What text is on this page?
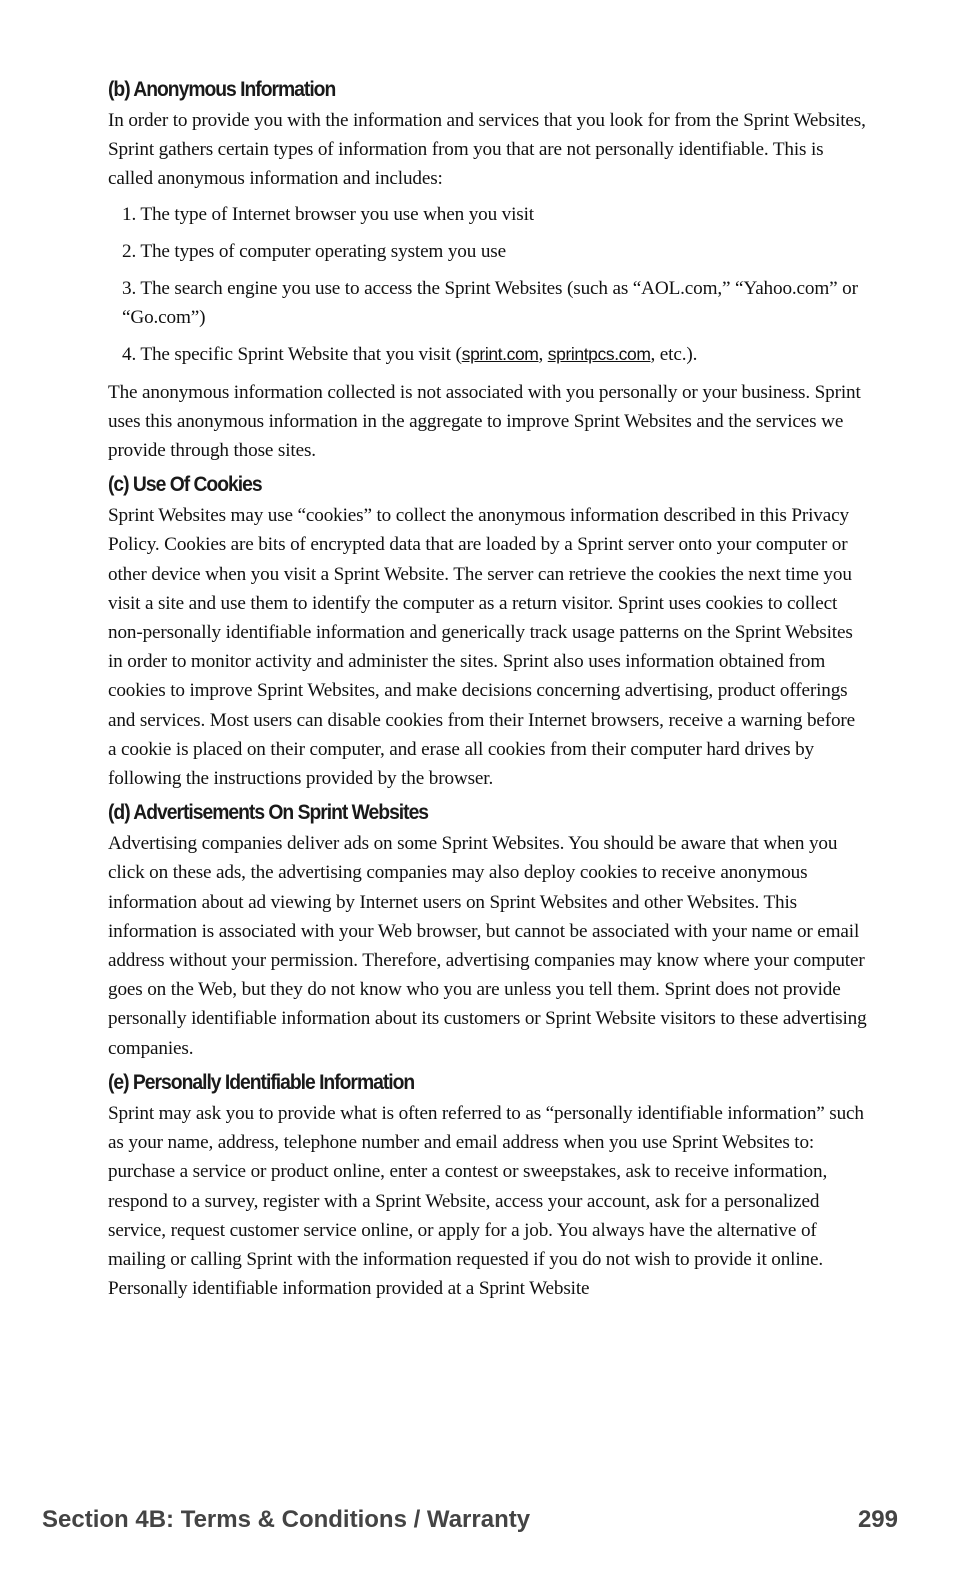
(b) Anonymous Information

In order to provide you with the information and services that you look for from the Sprint Websites, Sprint gathers certain types of information from you that are not personally identifiable. This is called anonymous information and includes:

1. The type of Internet browser you use when you visit
2. The types of computer operating system you use
3. The search engine you use to access the Sprint Websites (such as “AOL.com,” “Yahoo.com” or “Go.com”)
4. The specific Sprint Website that you visit (sprint.com, sprintpcs.com, etc.).

The anonymous information collected is not associated with you personally or your business. Sprint uses this anonymous information in the aggregate to improve Sprint Websites and the services we provide through those sites.

(c) Use Of Cookies

Sprint Websites may use “cookies” to collect the anonymous information described in this Privacy Policy. Cookies are bits of encrypted data that are loaded by a Sprint server onto your computer or other device when you visit a Sprint Website. The server can retrieve the cookies the next time you visit a site and use them to identify the computer as a return visitor. Sprint uses cookies to collect non-personally identifiable information and generically track usage patterns on the Sprint Websites in order to monitor activity and administer the sites. Sprint also uses information obtained from cookies to improve Sprint Websites, and make decisions concerning advertising, product offerings and services. Most users can disable cookies from their Internet browsers, receive a warning before a cookie is placed on their computer, and erase all cookies from their computer hard drives by following the instructions provided by the browser.

(d) Advertisements On Sprint Websites

Advertising companies deliver ads on some Sprint Websites. You should be aware that when you click on these ads, the advertising companies may also deploy cookies to receive anonymous information about ad viewing by Internet users on Sprint Websites and other Websites. This information is associated with your Web browser, but cannot be associated with your name or email address without your permission. Therefore, advertising companies may know where your computer goes on the Web, but they do not know who you are unless you tell them. Sprint does not provide personally identifiable information about its customers or Sprint Website visitors to these advertising companies.

(e) Personally Identifiable Information

Sprint may ask you to provide what is often referred to as “personally identifiable information” such as your name, address, telephone number and email address when you use Sprint Websites to: purchase a service or product online, enter a contest or sweepstakes, ask to receive information, respond to a survey, register with a Sprint Website, access your account, ask for a personalized service, request customer service online, or apply for a job. You always have the alternative of mailing or calling Sprint with the information requested if you do not wish to provide it online. Personally identifiable information provided at a Sprint Website

Section 4B: Terms & Conditions / Warranty	299
